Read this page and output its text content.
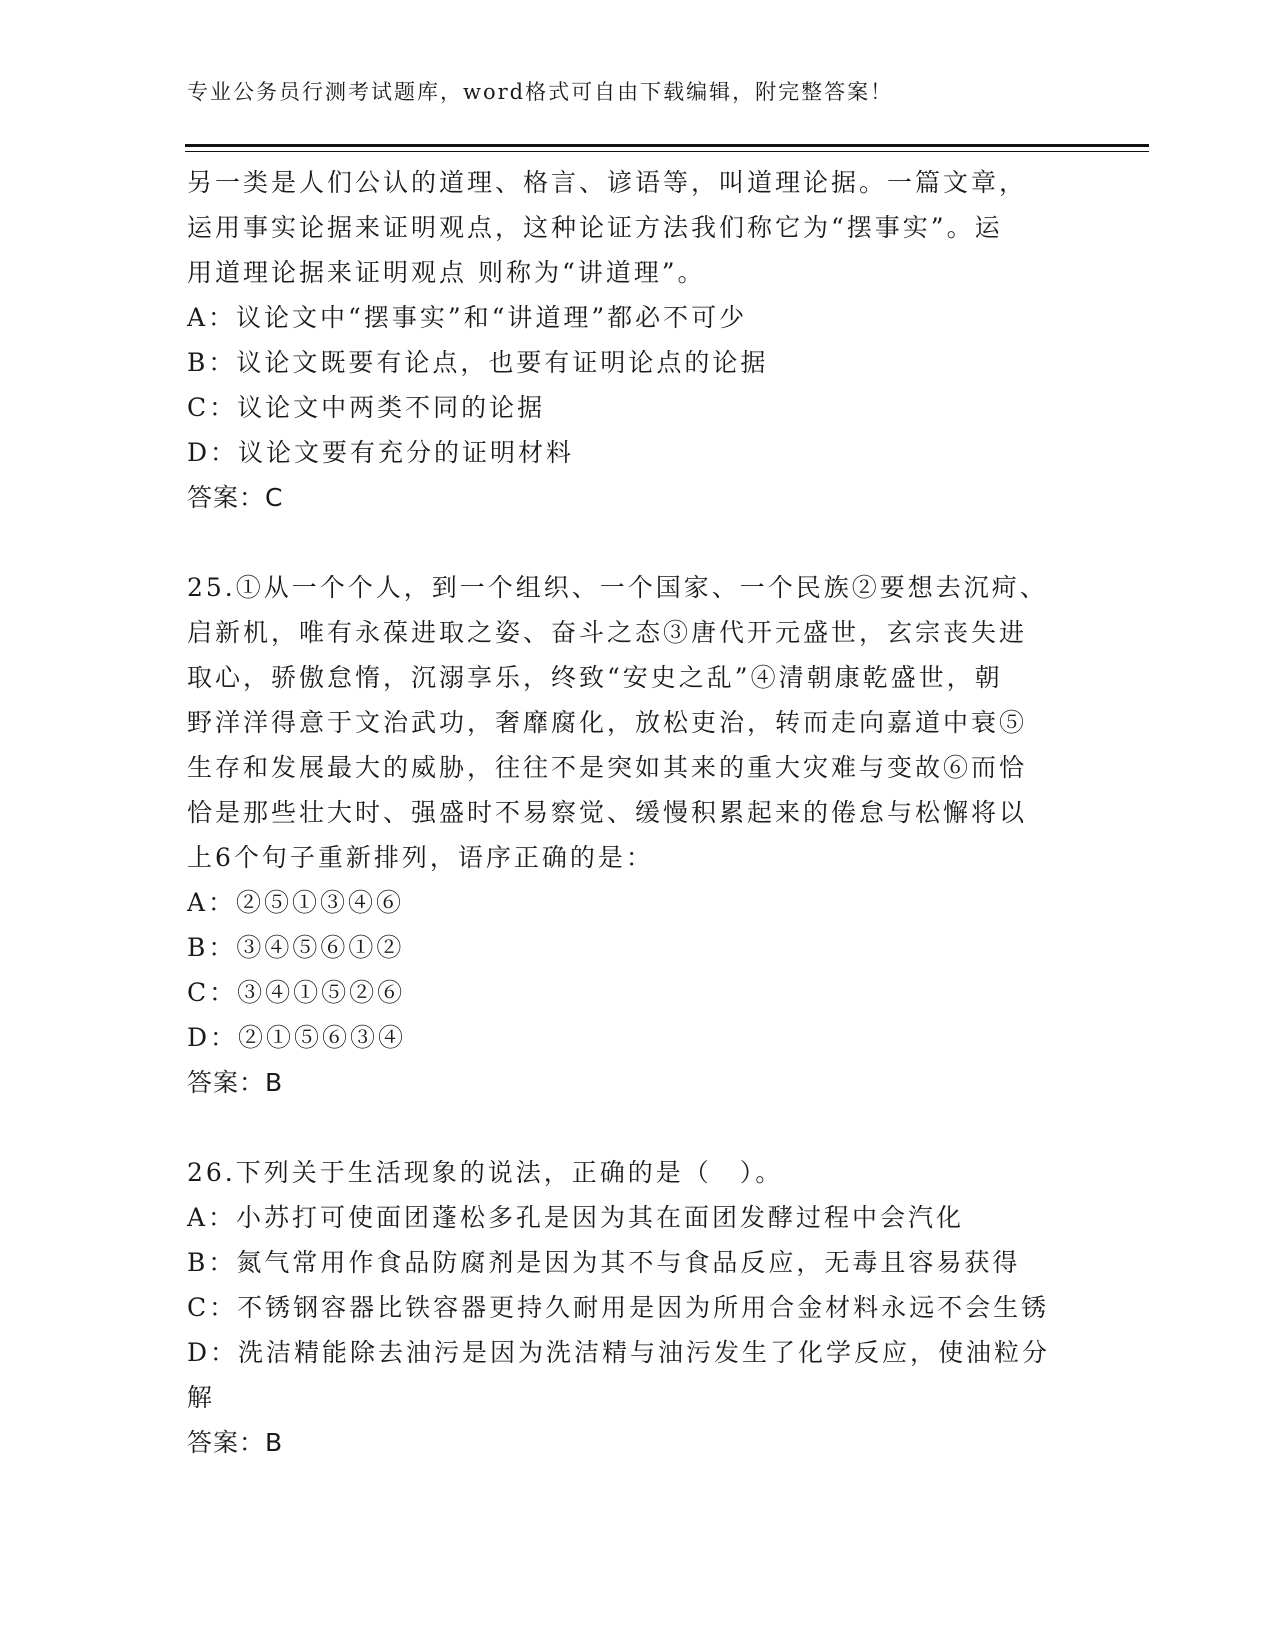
专业公务员行测考试题库，word格式可自由下载编辑，附完整答案！
另一类是人们公认的道理、格言、谚语等，叫道理论据。一篇文章，
运用事实论据来证明观点，这种论证方法我们称它为“摆事实”。运
用道理论据来证明观点 则称为“讲道理”。
A：议论文中“摆事实”和“讲道理”都必不可少
B：议论文既要有论点，也要有证明论点的论据
C：议论文中两类不同的论据
D：议论文要有充分的证明材料
答案：C
25.①从一个个人，到一个组织、一个国家、一个民族②要想去沉疴、
启新机，唯有永葆进取之姿、奋斗之态③唐代开元盛世，玄宗丧失进
取心，骄傲怠惰，沉溺享乐，终致“安史之乱”④清朝康乾盛世，朝
野洋洋得意于文治武功，奢靡腐化，放松吏治，转而走向嘉道中衰⑤
生存和发展最大的威胁，往往不是突如其来的重大灾难与变故⑥而恰
恰是那些壮大时、强盛时不易察觉、缓慢积累起来的倦怠与松懈将以
上6个句子重新排列，语序正确的是：
A：②⑤①③④⑥
B：③④⑤⑥①②
C：③④①⑤②⑥
D：②①⑤⑥③④
答案：B
26.下列关于生活现象的说法，正确的是（　）。
A：小苏打可使面团蓬松多孔是因为其在面团发酵过程中会汽化
B：氮气常用作食品防腐剂是因为其不与食品反应，无毒且容易获得
C：不锈钢容器比铁容器更持久耐用是因为所用合金材料永远不会生锈
D：洗洁精能除去油污是因为洗洁精与油污发生了化学反应，使油粒分
解
答案：B
